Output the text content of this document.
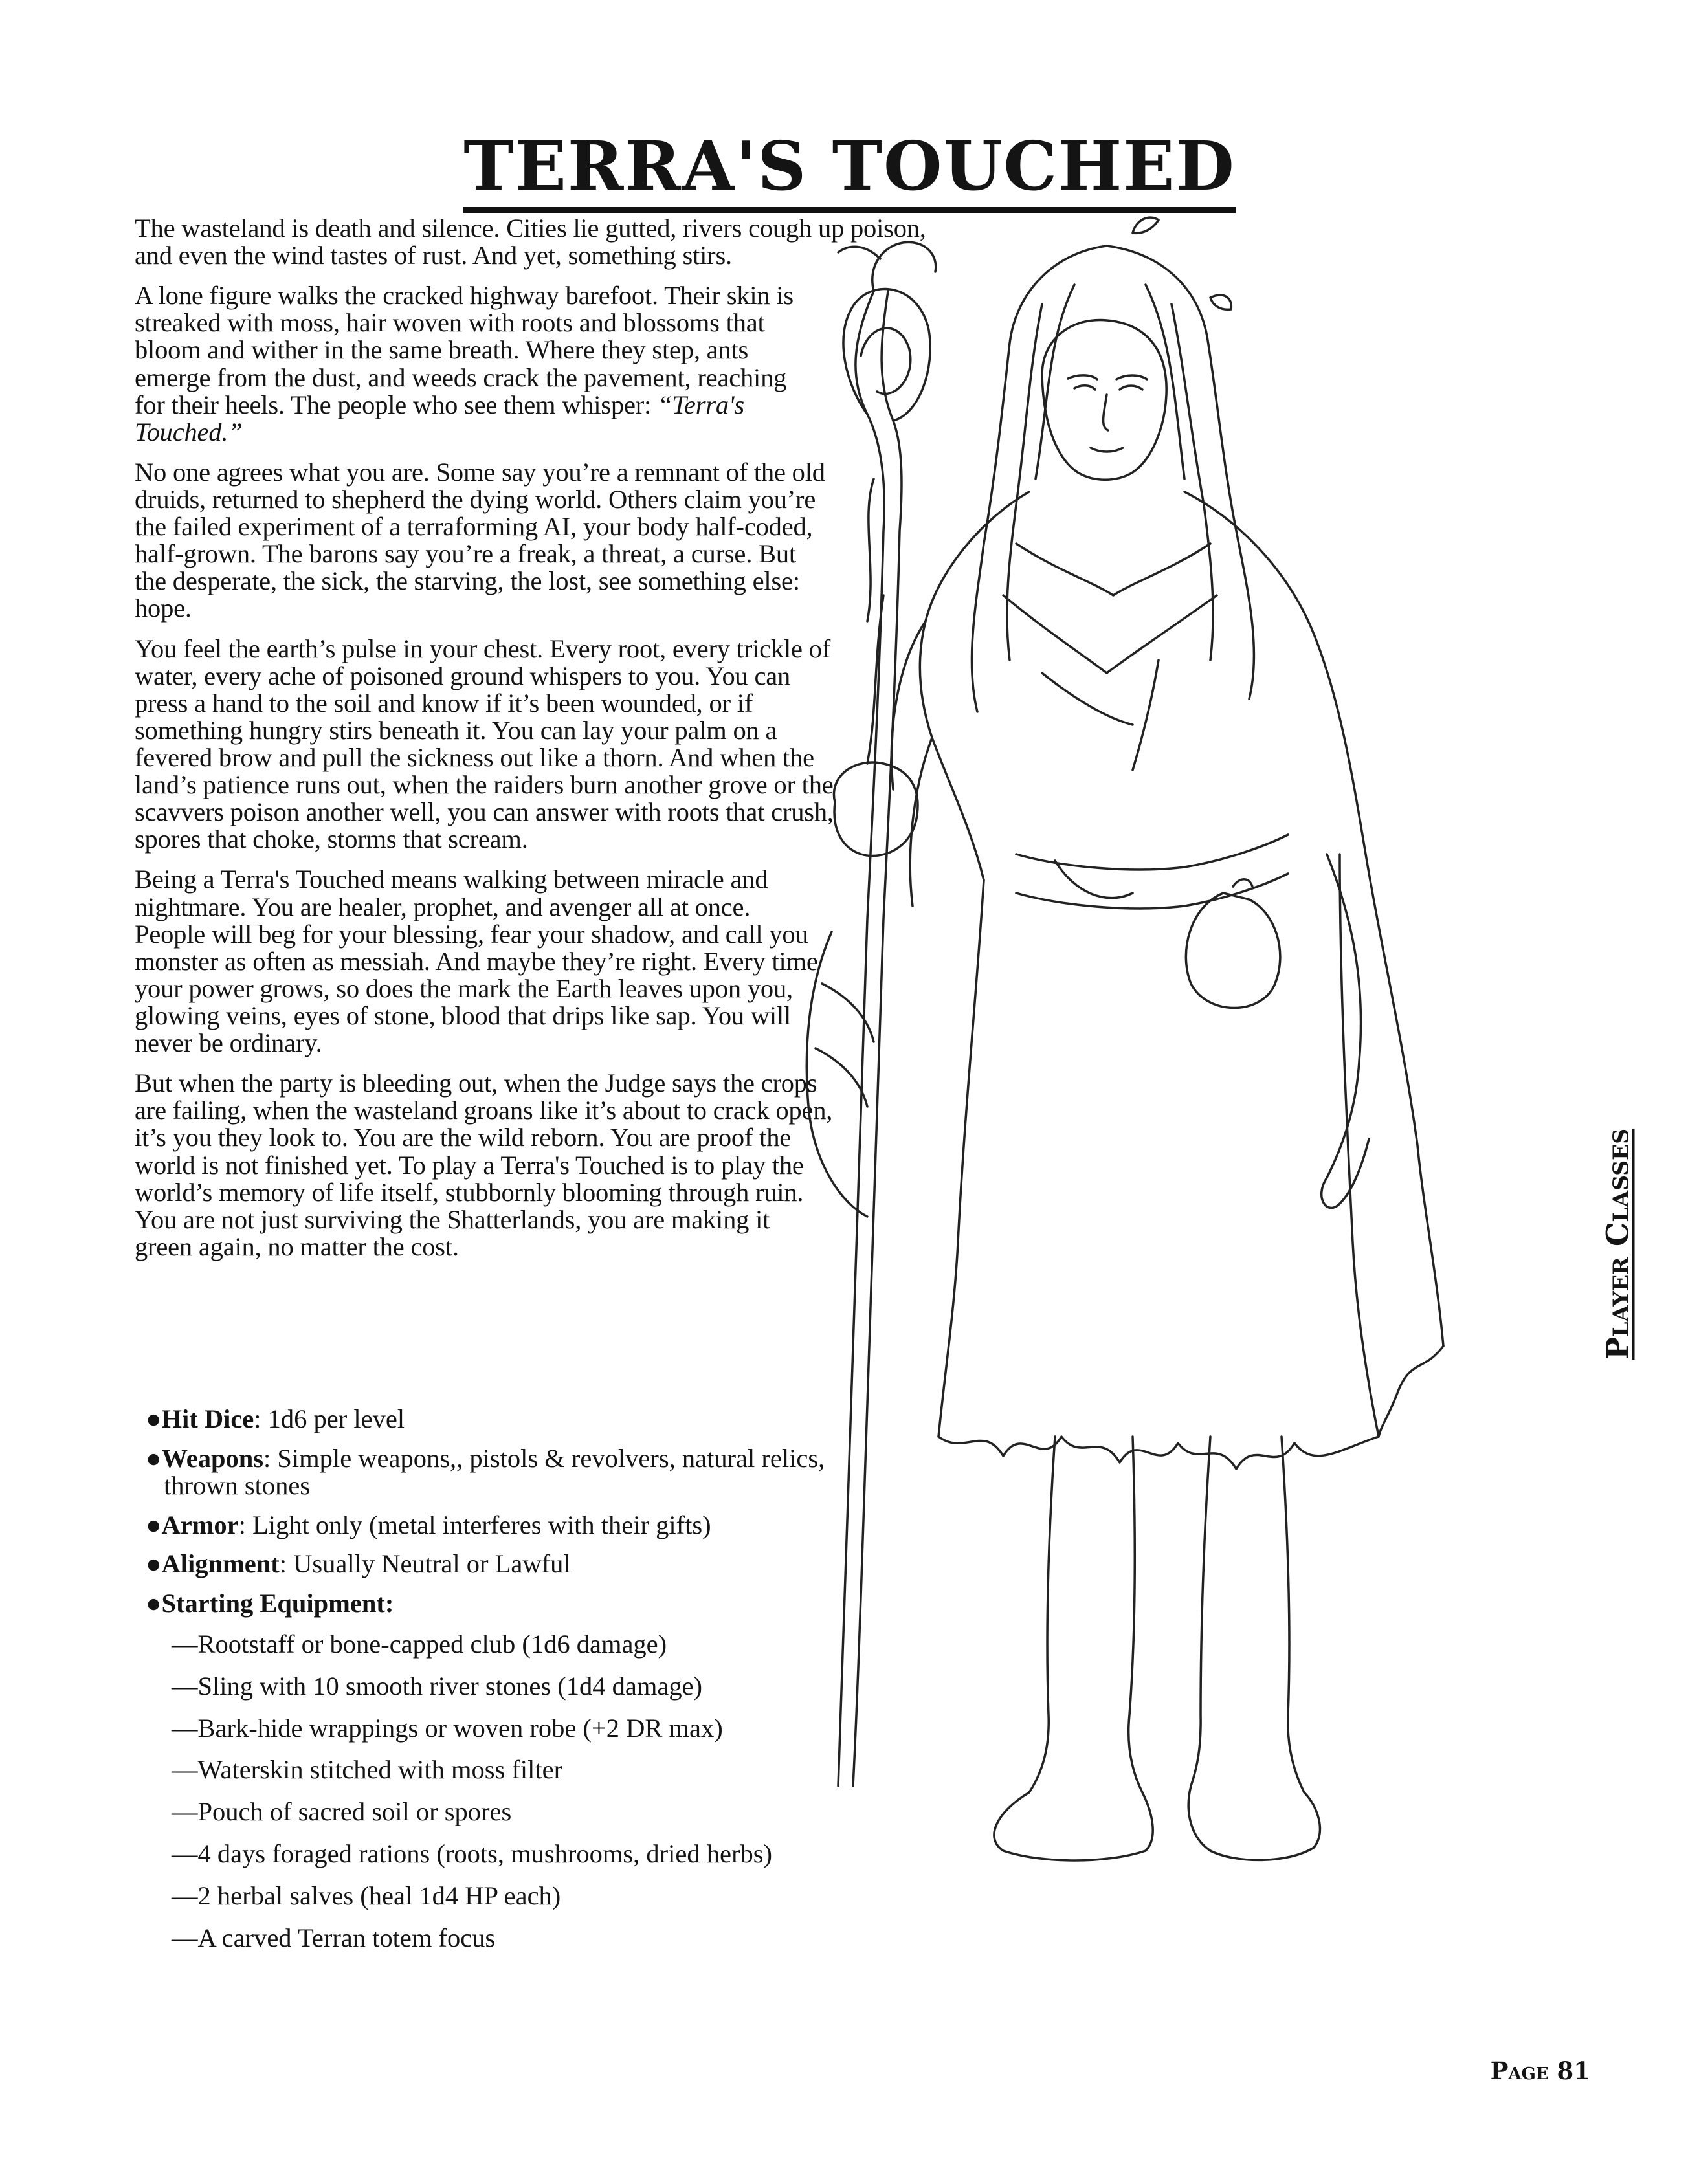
TERRA'S TOUCHED

The wasteland is death and silence. Cities lie gutted, rivers cough up poison, and even the wind tastes of rust. And yet, something stirs.

A lone figure walks the cracked highway barefoot. Their skin is streaked with moss, hair woven with roots and blossoms that bloom and wither in the same breath. Where they step, ants emerge from the dust, and weeds crack the pavement, reaching for their heels. The people who see them whisper: “Terra's Touched.”

No one agrees what you are. Some say you’re a remnant of the old druids, returned to shepherd the dying world. Others claim you’re the failed experiment of a terraforming AI, your body half-coded, half-grown. The barons say you’re a freak, a threat, a curse. But the desperate, the sick, the starving, the lost, see something else: hope.

You feel the earth’s pulse in your chest. Every root, every trickle of water, every ache of poisoned ground whispers to you. You can press a hand to the soil and know if it’s been wounded, or if something hungry stirs beneath it. You can lay your palm on a fevered brow and pull the sickness out like a thorn. And when the land’s patience runs out, when the raiders burn another grove or the scavvers poison another well, you can answer with roots that crush, spores that choke, storms that scream.

Being a Terra's Touched means walking between miracle and nightmare. You are healer, prophet, and avenger all at once. People will beg for your blessing, fear your shadow, and call you monster as often as messiah. And maybe they’re right. Every time your power grows, so does the mark the Earth leaves upon you, glowing veins, eyes of stone, blood that drips like sap. You will never be ordinary.

But when the party is bleeding out, when the Judge says the crops are failing, when the wasteland groans like it’s about to crack open, it’s you they look to. You are the wild reborn. You are proof the world is not finished yet. To play a Terra's Touched is to play the world’s memory of life itself, stubbornly blooming through ruin. You are not just surviving the Shatterlands, you are making it green again, no matter the cost.

●Hit Dice: 1d6 per level

●Weapons: Simple weapons,, pistols & revolvers, natural relics, thrown stones

●Armor: Light only (metal interferes with their gifts)

●Alignment: Usually Neutral or Lawful

●Starting Equipment:

—Rootstaff or bone-capped club (1d6 damage)

—Sling with 10 smooth river stones (1d4 damage)

—Bark-hide wrappings or woven robe (+2 DR max)

—Waterskin stitched with moss filter

—Pouch of sacred soil or spores

—4 days foraged rations (roots, mushrooms, dried herbs)

—2 herbal salves (heal 1d4 HP each)

—A carved Terran totem focus

Player Classes
Page 81
